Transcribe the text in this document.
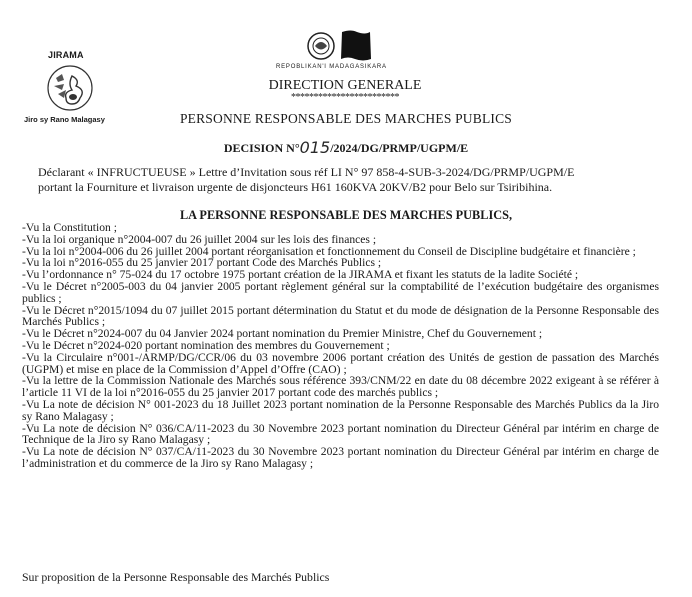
JIRAMA
Jiro sy Rano Malagasy
REPOBLIKAN'I MADAGASIKARA
DIRECTION GENERALE
************************
PERSONNE RESPONSABLE DES MARCHES PUBLICS
DECISION N°015/2024/DG/PRMP/UGPM/E
Déclarant « INFRUCTUEUSE » Lettre d’Invitation sous réf LI N° 97 858-4-SUB-3-2024/DG/PRMP/UGPM/E
portant la Fourniture et livraison urgente de disjoncteurs H61 160KVA 20KV/B2 pour Belo sur Tsiribihina.
LA PERSONNE RESPONSABLE DES MARCHES PUBLICS,
-Vu la Constitution ;
-Vu la loi organique n°2004-007 du 26 juillet 2004 sur les lois des finances ;
-Vu la loi n°2004-006 du 26 juillet 2004 portant réorganisation et fonctionnement du Conseil de Discipline budgétaire et financière ;
-Vu la loi n°2016-055 du 25 janvier 2017 portant Code des Marchés Publics ;
-Vu l’ordonnance n° 75-024 du 17 octobre 1975 portant création de la JIRAMA et fixant les statuts de la ladite Société ;
-Vu le Décret n°2005-003 du 04 janvier 2005 portant règlement général sur la comptabilité de l’exécution budgétaire des organismes publics ;
-Vu le Décret n°2015/1094 du 07 juillet 2015 portant détermination du Statut et du mode de désignation de la Personne Responsable des Marchés Publics ;
-Vu le Décret n°2024-007 du 04 Janvier 2024 portant nomination du Premier Ministre, Chef du Gouvernement ;
-Vu le Décret n°2024-020 portant nomination des membres du Gouvernement ;
-Vu la Circulaire n°001-/ARMP/DG/CCR/06 du 03 novembre 2006 portant création des Unités de gestion de passation des Marchés (UGPM) et mise en place de la Commission d’Appel d’Offre (CAO) ;
-Vu la lettre de la Commission Nationale des Marchés sous référence 393/CNM/22 en date du 08 décembre 2022 exigeant à se référer à l’article 11 VI de la loi n°2016-055 du 25 janvier 2017 portant code des marchés publics ;
-Vu La note de décision N° 001-2023 du 18 Juillet 2023 portant nomination de la Personne Responsable des Marchés Publics da la Jiro sy Rano Malagasy ;
-Vu La note de décision N° 036/CA/11-2023 du 30 Novembre 2023 portant nomination du Directeur Général par intérim en charge de Technique de la Jiro sy Rano Malagasy ;
-Vu La note de décision N° 037/CA/11-2023 du 30 Novembre 2023 portant nomination du Directeur Général par intérim en charge de l’administration et du commerce de la Jiro sy Rano Malagasy ;
Sur proposition de la Personne Responsable des Marchés Publics
